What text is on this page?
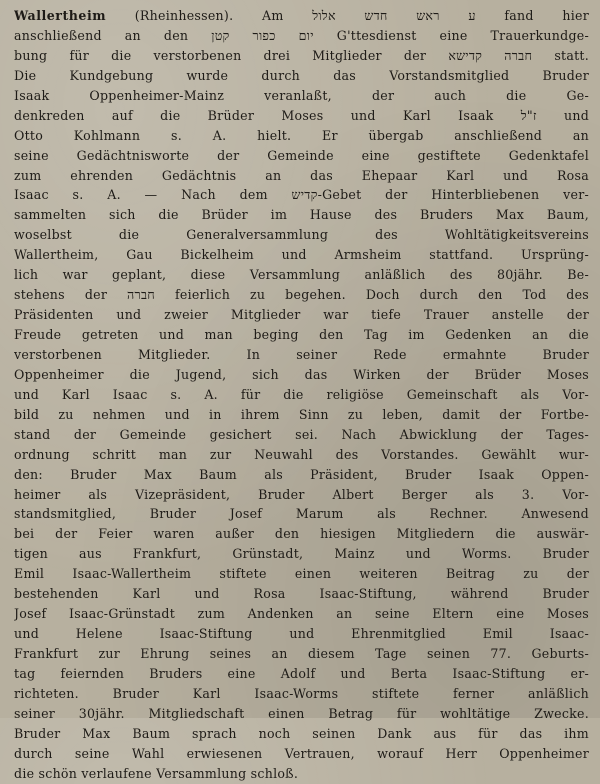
Wallertheim (Rheinhessen). Am ע ראש חדש אלול fand hier
anschließend an den יום כפור קטן G'ttesdienst eine Trauerkundge-
bung für die verstorbenen drei Mitglieder der חברה קדישא statt.
Die Kundgebung wurde durch das Vorstandsmitglied Bruder
Isaak Oppenheimer-Mainz veranlaßt, der auch die Ge-
denkreden auf die Brüder Moses und Karl Isaak ז"ל und
Otto Kohlmann s. A. hielt. Er übergab anschließend an
seine Gedächtnisworte der Gemeinde eine gestiftete Gedenktafel
zum ehrenden Gedächtnis an das Ehepaar Karl und Rosa
Isaac s. A. — Nach dem קדיש-Gebet der Hinterbliebenen ver-
sammelten sich die Brüder im Hause des Bruders Max Baum,
woselbst die Generalversammlung des Wohltätigkeitsvereins
Wallertheim, Gau Bickelheim und Armsheim stattfand. Ursprüng-
lich war geplant, diese Versammlung anläßlich des 80jähr. Be-
stehens der חברה feierlich zu begehen. Doch durch den Tod des
Präsidenten und zweier Mitglieder war tiefe Trauer anstelle der
Freude getreten und man beging den Tag im Gedenken an die
verstorbenen Mitglieder. In seiner Rede ermahnte Bruder
Oppenheimer die Jugend, sich das Wirken der Brüder Moses
und Karl Isaac s. A. für die religiöse Gemeinschaft als Vor-
bild zu nehmen und in ihrem Sinn zu leben, damit der Fortbe-
stand der Gemeinde gesichert sei. Nach Abwicklung der Tages-
ordnung schritt man zur Neuwahl des Vorstandes. Gewählt wur-
den: Bruder Max Baum als Präsident, Bruder Isaak Oppen-
heimer als Vizepräsident, Bruder Albert Berger als 3. Vor-
standsmitglied, Bruder Josef Marum als Rechner. Anwesend
bei der Feier waren außer den hiesigen Mitgliedern die auswär-
tigen aus Frankfurt, Grünstadt, Mainz und Worms. Bruder
Emil Isaac-Wallertheim stiftete einen weiteren Beitrag zu der
bestehenden Karl und Rosa Isaac-Stiftung, während Bruder
Josef Isaac-Grünstadt zum Andenken an seine Eltern eine Moses
und Helene Isaac-Stiftung und Ehrenmitglied Emil Isaac-
Frankfurt zur Ehrung seines an diesem Tage seinen 77. Geburts-
tag feiernden Bruders eine Adolf und Berta Isaac-Stiftung er-
richteten. Bruder Karl Isaac-Worms stiftete ferner anläßlich
seiner 30jähr. Mitgliedschaft einen Betrag für wohltätige Zwecke.
Bruder Max Baum sprach noch seinen Dank aus für das ihm
durch seine Wahl erwiesenen Vertrauen, worauf Herr Oppenheimer
die schön verlaufene Versammlung schloß.
